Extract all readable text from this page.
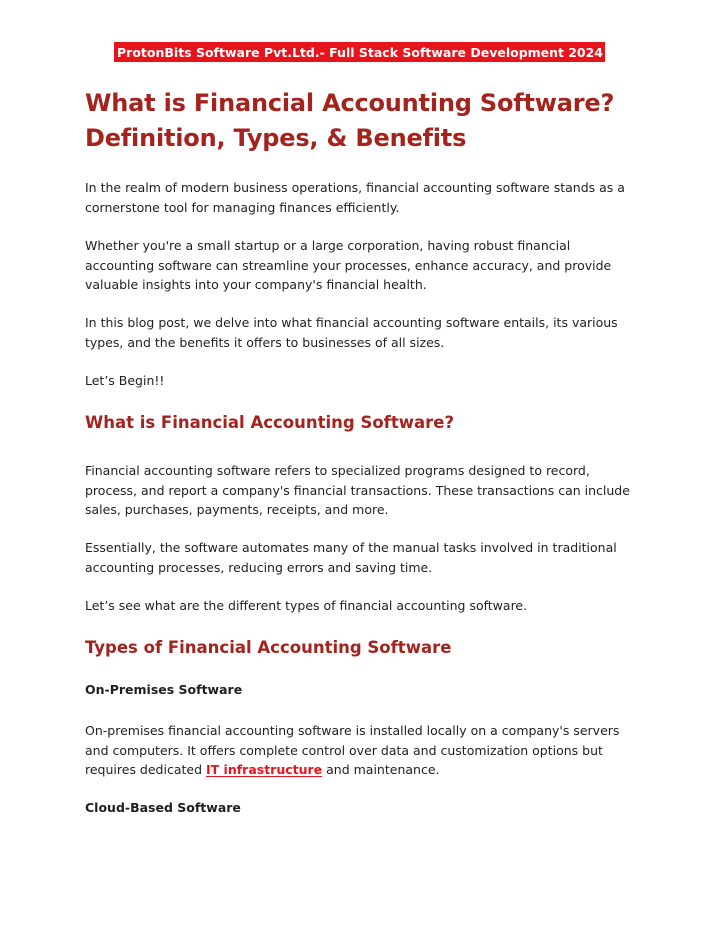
ProtonBits Software Pvt.Ltd.- Full Stack Software Development 2024
What is Financial Accounting Software?
Definition, Types, & Benefits

In the realm of modern business operations, financial accounting software stands as a cornerstone tool for managing finances efficiently.

Whether you're a small startup or a large corporation, having robust financial accounting software can streamline your processes, enhance accuracy, and provide valuable insights into your company's financial health.

In this blog post, we delve into what financial accounting software entails, its various types, and the benefits it offers to businesses of all sizes.

Let’s Begin!!

What is Financial Accounting Software?

Financial accounting software refers to specialized programs designed to record, process, and report a company's financial transactions. These transactions can include sales, purchases, payments, receipts, and more.

Essentially, the software automates many of the manual tasks involved in traditional accounting processes, reducing errors and saving time.

Let’s see what are the different types of financial accounting software.

Types of Financial Accounting Software
On-Premises Software

On-premises financial accounting software is installed locally on a company's servers and computers. It offers complete control over data and customization options but requires dedicated IT infrastructure and maintenance.

Cloud-Based Software
